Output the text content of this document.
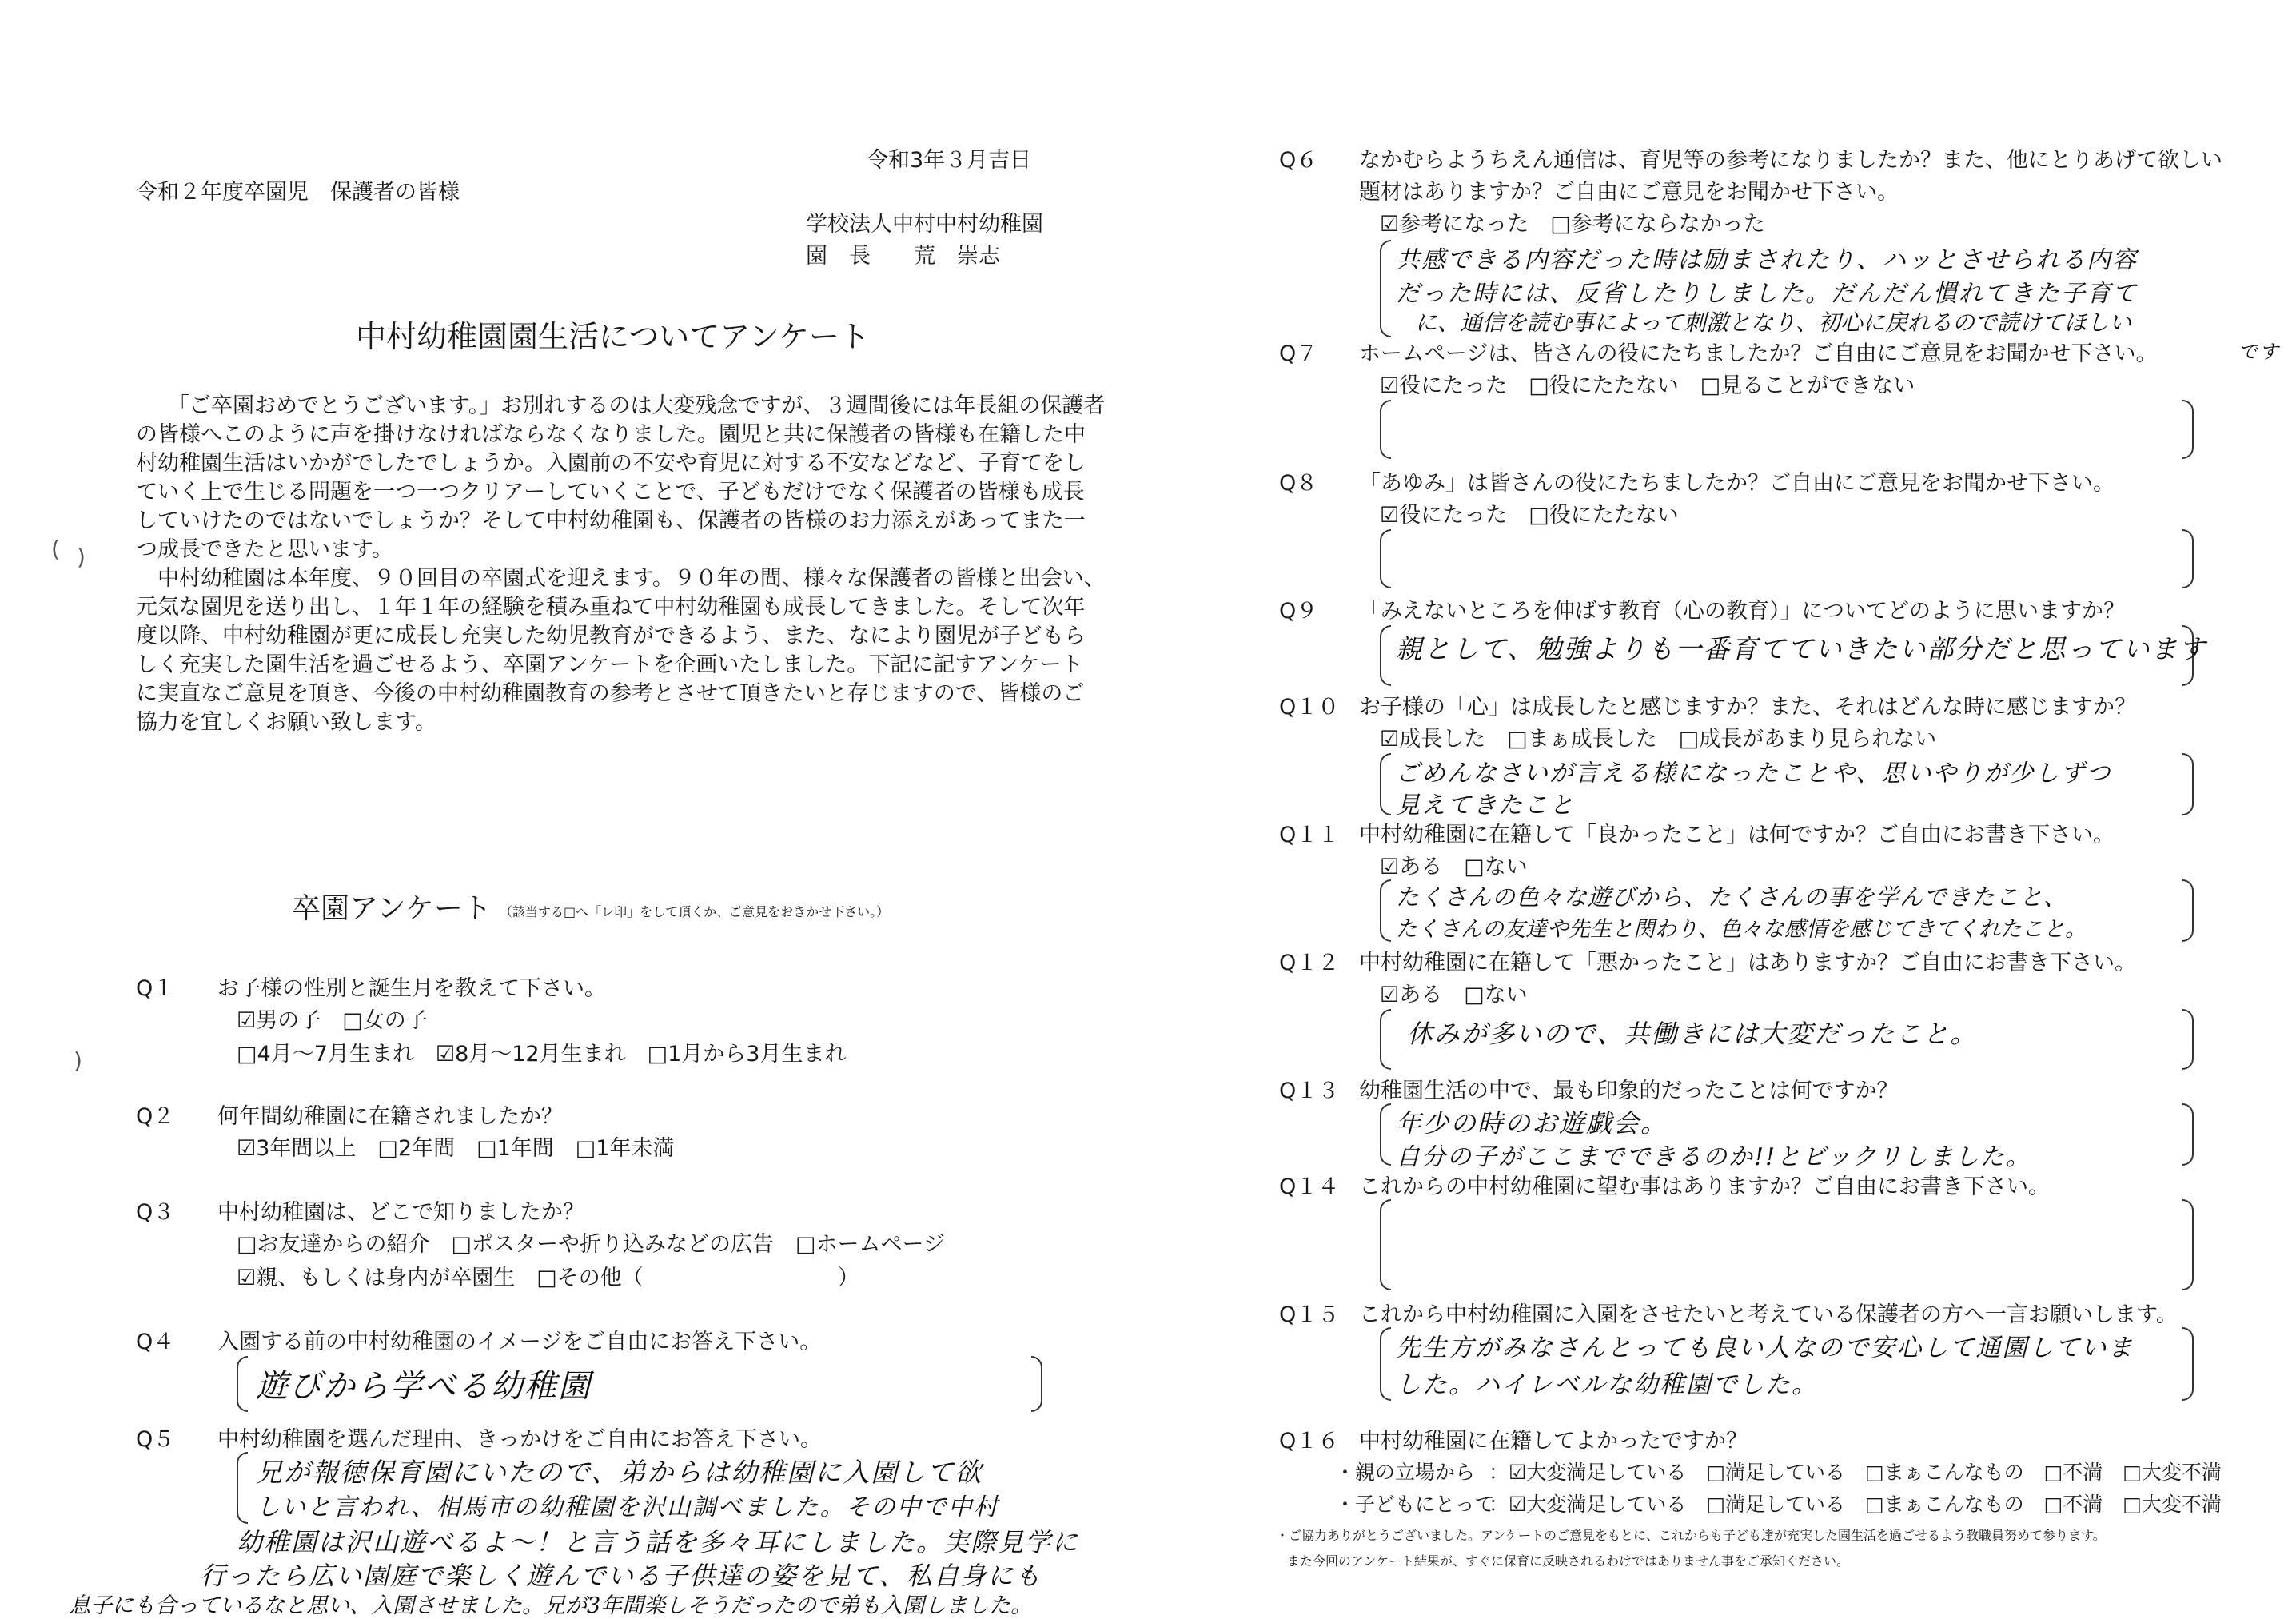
令和3年３月吉日
令和２年度卒園児　保護者の皆様
学校法人中村中村幼稚園
園　長　　荒　崇志
中村幼稚園園生活についてアンケート
「ご卒園おめでとうございます。」お別れするのは大変残念ですが、３週間後には年長組の保護者
の皆様へこのように声を掛けなければならなくなりました。園児と共に保護者の皆様も在籍した中
村幼稚園生活はいかがでしたでしょうか。入園前の不安や育児に対する不安などなど、子育てをし
ていく上で生じる問題を一つ一つクリアーしていくことで、子どもだけでなく保護者の皆様も成長
していけたのではないでしょうか？そして中村幼稚園も、保護者の皆様のお力添えがあってまた一
つ成長できたと思います。
　中村幼稚園は本年度、９０回目の卒園式を迎えます。９０年の間、様々な保護者の皆様と出会い、
元気な園児を送り出し、１年１年の経験を積み重ねて中村幼稚園も成長してきました。そして次年
度以降、中村幼稚園が更に成長し充実した幼児教育ができるよう、また、なにより園児が子どもら
しく充実した園生活を過ごせるよう、卒園アンケートを企画いたしました。下記に記すアンケート
に実直なご意見を頂き、今後の中村幼稚園教育の参考とさせて頂きたいと存じますので、皆様のご
協力を宜しくお願い致します。
( )
)
卒園アンケート （該当する□へ「レ印」をして頂くか、ご意見をおきかせ下さい。）
Q１ お子様の性別と誕生月を教えて下さい。
☑男の子　□女の子
□4月～7月生まれ　☑8月～12月生まれ　□1月から3月生まれ
Q２ 何年間幼稚園に在籍されましたか？
☑3年間以上　□2年間　□1年間　□1年未満
Q３ 中村幼稚園は、どこで知りましたか？
□お友達からの紹介　□ポスターや折り込みなどの広告　□ホームページ
☑親、もしくは身内が卒園生　□その他（　　　　　　　　　）
Q４ 入園する前の中村幼稚園のイメージをご自由にお答え下さい。
遊びから学べる幼稚園
Q５ 中村幼稚園を選んだ理由、きっかけをご自由にお答え下さい。
兄が報徳保育園にいたので、弟からは幼稚園に入園して欲
しいと言われ、相馬市の幼稚園を沢山調べました。その中で中村
幼稚園は沢山遊べるよ～！と言う話を多々耳にしました。実際見学に
行ったら広い園庭で楽しく遊んでいる子供達の姿を見て、私自身にも
息子にも合っているなと思い、入園させました。兄が3年間楽しそうだったので弟も入園しました。
Q６ なかむらようちえん通信は、育児等の参考になりましたか？また、他にとりあげて欲しい
題材はありますか？ご自由にご意見をお聞かせ下さい。
☑参考になった　□参考にならなかった
共感できる内容だった時は励まされたり、ハッとさせられる内容
だった時には、反省したりしました。だんだん慣れてきた子育て
に、通信を読む事によって刺激となり、初心に戻れるので読けてほしい
です
Q７ ホームページは、皆さんの役にたちましたか？ご自由にご意見をお聞かせ下さい。
☑役にたった　□役にたたない　□見ることができない
Q８ 「あゆみ」は皆さんの役にたちましたか？ご自由にご意見をお聞かせ下さい。
☑役にたった　□役にたたない
Q９ 「みえないところを伸ばす教育（心の教育）」についてどのように思いますか？
親として、勉強よりも一番育てていきたい部分だと思っています
Q１０ お子様の「心」は成長したと感じますか？また、それはどんな時に感じますか？
☑成長した　□まぁ成長した　□成長があまり見られない
ごめんなさいが言える様になったことや、思いやりが少しずつ
見えてきたこと
Q１１ 中村幼稚園に在籍して「良かったこと」は何ですか？ご自由にお書き下さい。
☑ある　□ない
たくさんの色々な遊びから、たくさんの事を学んできたこと、
たくさんの友達や先生と関わり、色々な感情を感じてきてくれたこと。
Q１２ 中村幼稚園に在籍して「悪かったこと」はありますか？ご自由にお書き下さい。
☑ある　□ない
休みが多いので、共働きには大変だったこと。
Q１３ 幼稚園生活の中で、最も印象的だったことは何ですか？
年少の時のお遊戯会。
自分の子がここまでできるのか!!とビックリしました。
Q１４ これからの中村幼稚園に望む事はありますか？ご自由にお書き下さい。
Q１５ これから中村幼稚園に入園をさせたいと考えている保護者の方へ一言お願いします。
先生方がみなさんとっても良い人なので安心して通園していま
した。ハイレベルな幼稚園でした。
Q１６ 中村幼稚園に在籍してよかったですか？
・親の立場から ：☑大変満足している　□満足している　□まぁこんなもの　□不満　□大変不満
・子どもにとって
：☑大変満足している　□満足している　□まぁこんなもの　□不満　□大変不満
・ご協力ありがとうございました。アンケートのご意見をもとに、これからも子ども達が充実した園生活を過ごせるよう教職員努めて参ります。
また今回のアンケート結果が、すぐに保育に反映されるわけではありません事をご承知ください。
